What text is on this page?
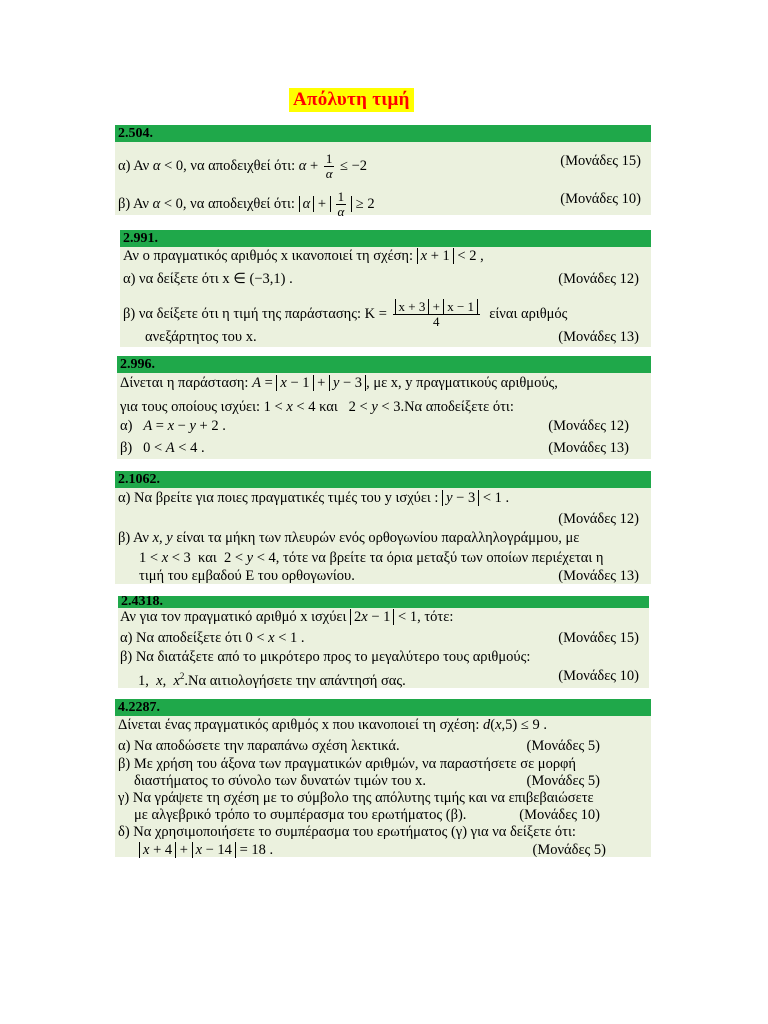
Απόλυτη τιμή
2.504.
α) Αν α < 0, να αποδειχθεί ότι: $\alpha + \frac{1}{\alpha} \le -2$	(Μονάδες 15)
β) Αν α < 0, να αποδειχθεί ότι: $\alpha + \frac{1}{\alpha} \ge 2$	(Μονάδες 10)
2.991.
Αν ο πραγματικός αριθμός x ικανοποιεί τη σχέση: x + 1 < 2 ,
α) να δείξετε ότι x ∈ (−3,1) .	(Μονάδες 12)
β) να δείξετε ότι η τιμή της παράστασης: $K = \frac{x + 3 + x - 1}{4}$ είναι αριθμός
ανεξάρτητος του x.	(Μονάδες 13)
2.996.
Δίνεται η παράσταση: A = x − 1 + y − 3 , με x, y πραγματικούς αριθμούς,
για τους οποίους ισχύει: 1 < x < 4 και   2 < y < 3.Να αποδείξετε ότι:
α) A = x − y + 2 .	(Μονάδες 12)
β)   0 < A < 4 .	(Μονάδες 13)
2.1062.
α) Να βρείτε για ποιες πραγματικές τιμές του y ισχύει : y − 3 < 1 .
(Μονάδες 12)
β) Αν x, y είναι τα μήκη των πλευρών ενός ορθογωνίου παραλληλογράμμου, με
1 < x < 3  και  2 < y < 4, τότε να βρείτε τα όρια μεταξύ των οποίων περιέχεται η
τιμή του εμβαδού Ε του ορθογωνίου.	(Μονάδες 13)
2.4318.
Αν για τον πραγματικό αριθμό x ισχύει 2x − 1 < 1, τότε:
α) Να αποδείξετε ότι 0 < x < 1 .	(Μονάδες 15)
β) Να διατάξετε από το μικρότερο προς το μεγαλύτερο τους αριθμούς:
1,  x,  $x^2.N\alpha$ αιτιολογήσετε την απάντησή σας.	(Μονάδες 10)
4.2287.
Δίνεται ένας πραγματικός αριθμός x που ικανοποιεί τη σχέση: d(x,5) ≤ 9 .
α) Να αποδώσετε την παραπάνω σχέση λεκτικά.	(Μονάδες 5)
β) Με χρήση του άξονα των πραγματικών αριθμών, να παραστήσετε σε μορφή
διαστήματος το σύνολο των δυνατών τιμών του x.	(Μονάδες 5)
γ) Να γράψετε τη σχέση με το σύμβολο της απόλυτης τιμής και να επιβεβαιώσετε
με αλγεβρικό τρόπο το συμπέρασμα του ερωτήματος (β).	(Μονάδες 10)
δ) Να χρησιμοποιήσετε το συμπέρασμα του ερωτήματος (γ) για να δείξετε ότι:
x + 4 + x − 14 = 18 .	(Μονάδες 5)
